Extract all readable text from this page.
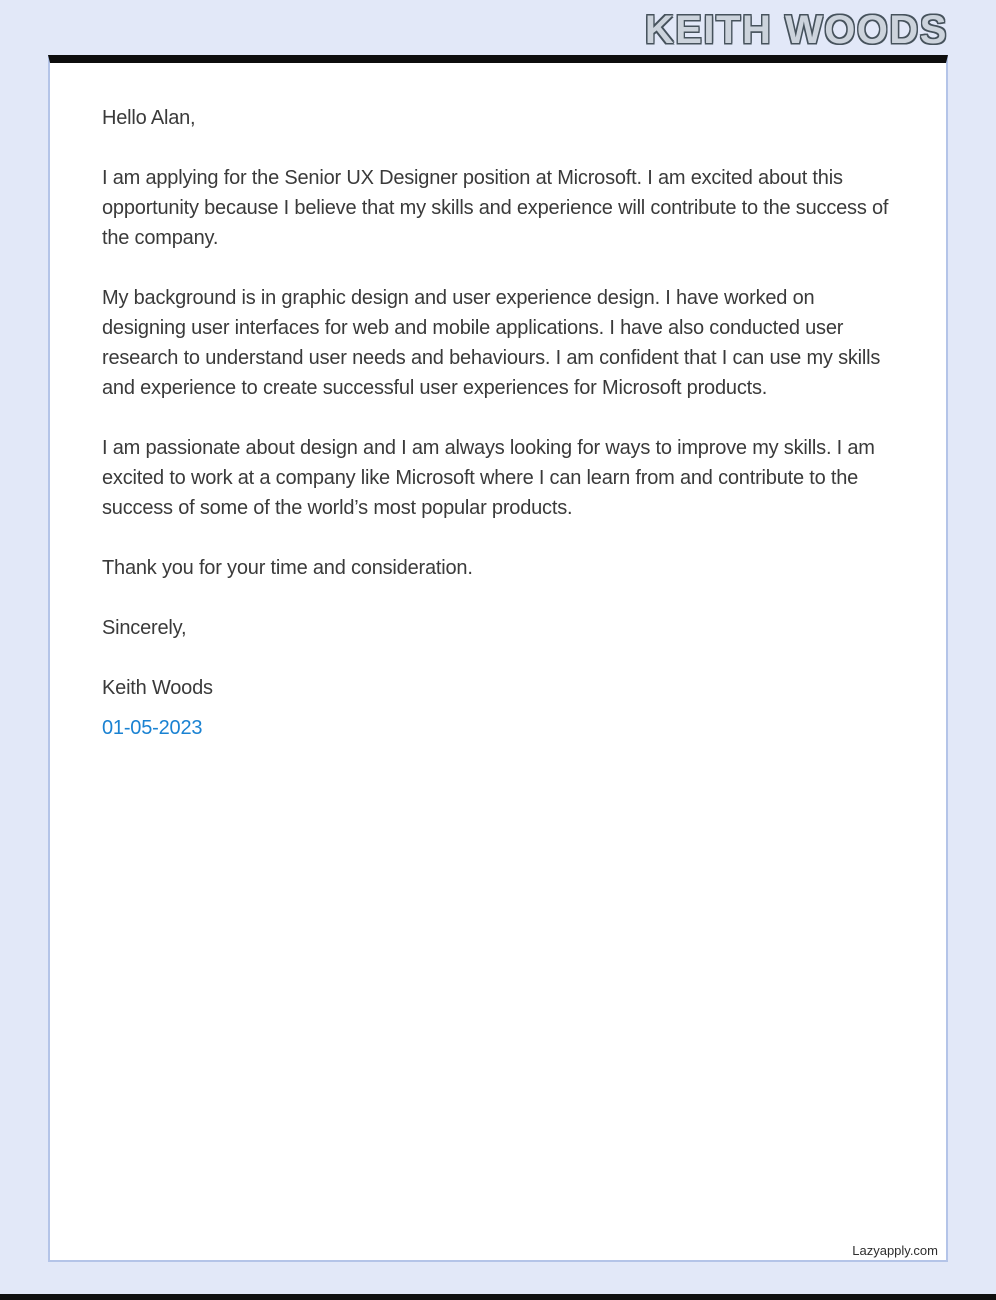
KEITH WOODS

Hello Alan,

I am applying for the Senior UX Designer position at Microsoft. I am excited about this opportunity because I believe that my skills and experience will contribute to the success of the company.

My background is in graphic design and user experience design. I have worked on designing user interfaces for web and mobile applications. I have also conducted user research to understand user needs and behaviours. I am confident that I can use my skills and experience to create successful user experiences for Microsoft products.

I am passionate about design and I am always looking for ways to improve my skills. I am excited to work at a company like Microsoft where I can learn from and contribute to the success of some of the world’s most popular products.

Thank you for your time and consideration.

Sincerely,

Keith Woods

01-05-2023

Lazyapply.com
